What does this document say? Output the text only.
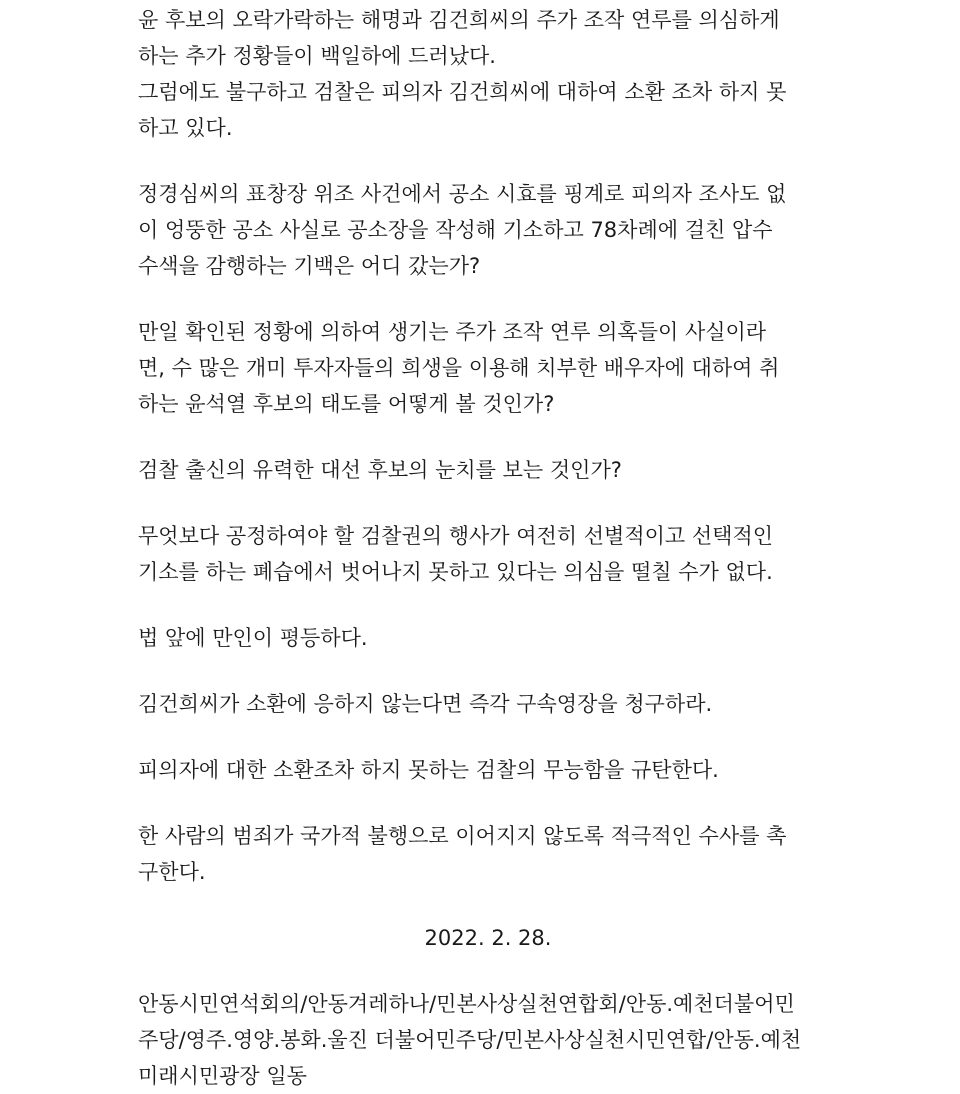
윤 후보의 오락가락하는 해명과 김건희씨의 주가 조작 연루를 의심하게
하는 추가 정황들이 백일하에 드러났다.
그럼에도 불구하고 검찰은 피의자 김건희씨에 대하여 소환 조차 하지 못
하고 있다.

정경심씨의 표창장 위조 사건에서 공소 시효를 핑계로 피의자 조사도 없
이 엉뚱한 공소 사실로 공소장을 작성해 기소하고 78차례에 걸친 압수
수색을 감행하는 기백은 어디 갔는가?

만일 확인된 정황에 의하여 생기는 주가 조작 연루 의혹들이 사실이라
면, 수 많은 개미 투자자들의 희생을 이용해 치부한 배우자에 대하여 취
하는 윤석열 후보의 태도를 어떻게 볼 것인가?

검찰 출신의 유력한 대선 후보의 눈치를 보는 것인가?

무엇보다 공정하여야 할 검찰권의 행사가 여전히 선별적이고 선택적인
기소를 하는 폐습에서 벗어나지 못하고 있다는 의심을 떨칠 수가 없다.

법 앞에 만인이 평등하다.

김건희씨가 소환에 응하지 않는다면 즉각 구속영장을 청구하라.

피의자에 대한 소환조차 하지 못하는 검찰의 무능함을 규탄한다.

한 사람의 범죄가 국가적 불행으로 이어지지 않도록 적극적인 수사를 촉
구한다.

2022. 2. 28.

안동시민연석회의/안동겨레하나/민본사상실천연합회/안동.예천더불어민
주당/영주.영양.봉화.울진 더불어민주당/민본사상실천시민연합/안동.예천
미래시민광장 일동
